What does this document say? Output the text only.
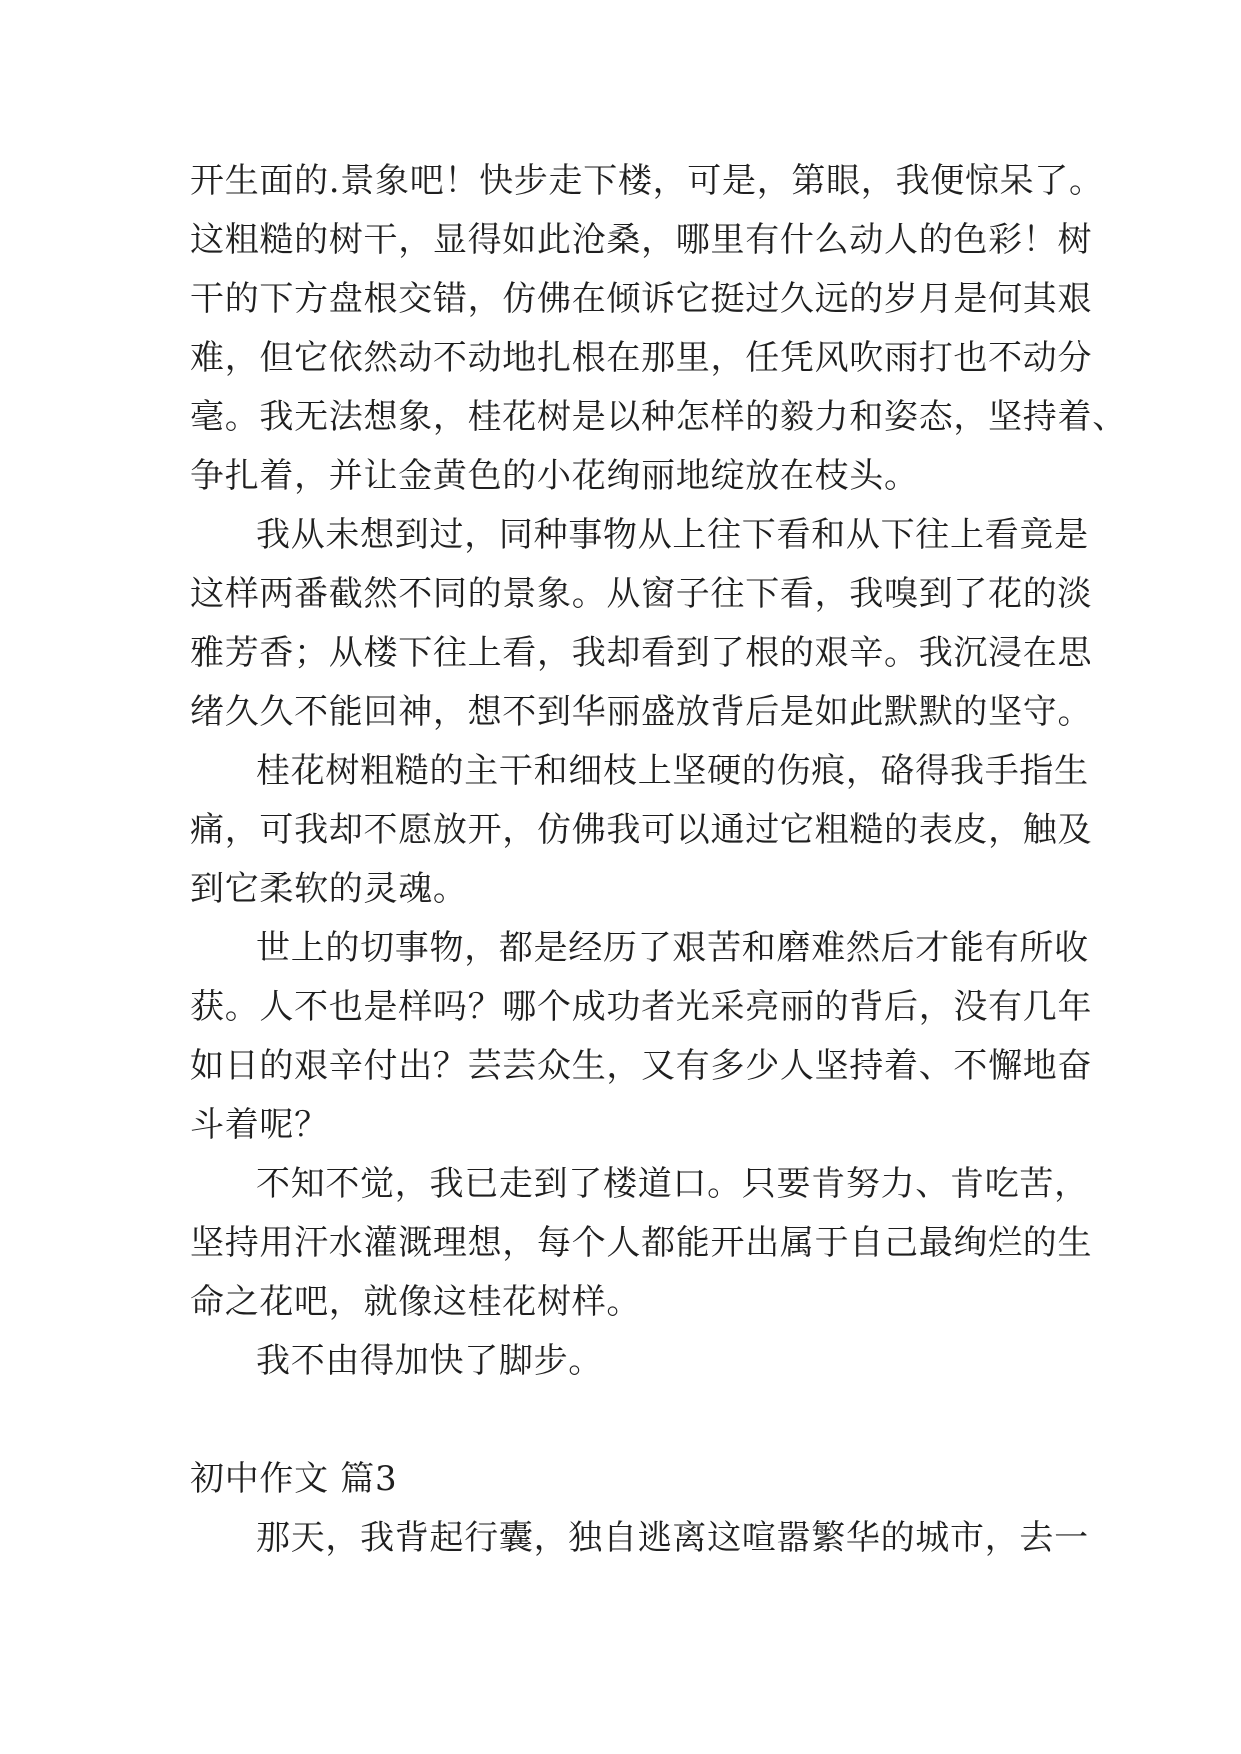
开生面的.景象吧！快步走下楼，可是，第眼，我便惊呆了。

这粗糙的树干，显得如此沧桑，哪里有什么动人的色彩！树

干的下方盘根交错，仿佛在倾诉它挺过久远的岁月是何其艰

难，但它依然动不动地扎根在那里，任凭风吹雨打也不动分

毫。我无法想象，桂花树是以种怎样的毅力和姿态，坚持着、

争扎着，并让金黄色的小花绚丽地绽放在枝头。

我从未想到过，同种事物从上往下看和从下往上看竟是

这样两番截然不同的景象。从窗子往下看，我嗅到了花的淡

雅芳香；从楼下往上看，我却看到了根的艰辛。我沉浸在思

绪久久不能回神，想不到华丽盛放背后是如此默默的坚守。

桂花树粗糙的主干和细枝上坚硬的伤痕，硌得我手指生

痛，可我却不愿放开，仿佛我可以通过它粗糙的表皮，触及

到它柔软的灵魂。

世上的切事物，都是经历了艰苦和磨难然后才能有所收

获。人不也是样吗？哪个成功者光采亮丽的背后，没有几年

如日的艰辛付出？芸芸众生，又有多少人坚持着、不懈地奋

斗着呢？

不知不觉，我已走到了楼道口。只要肯努力、肯吃苦，

坚持用汗水灌溉理想，每个人都能开出属于自己最绚烂的生

命之花吧，就像这桂花树样。

我不由得加快了脚步。

初中作文 篇3

那天，我背起行囊，独自逃离这喧嚣繁华的城市，去一
